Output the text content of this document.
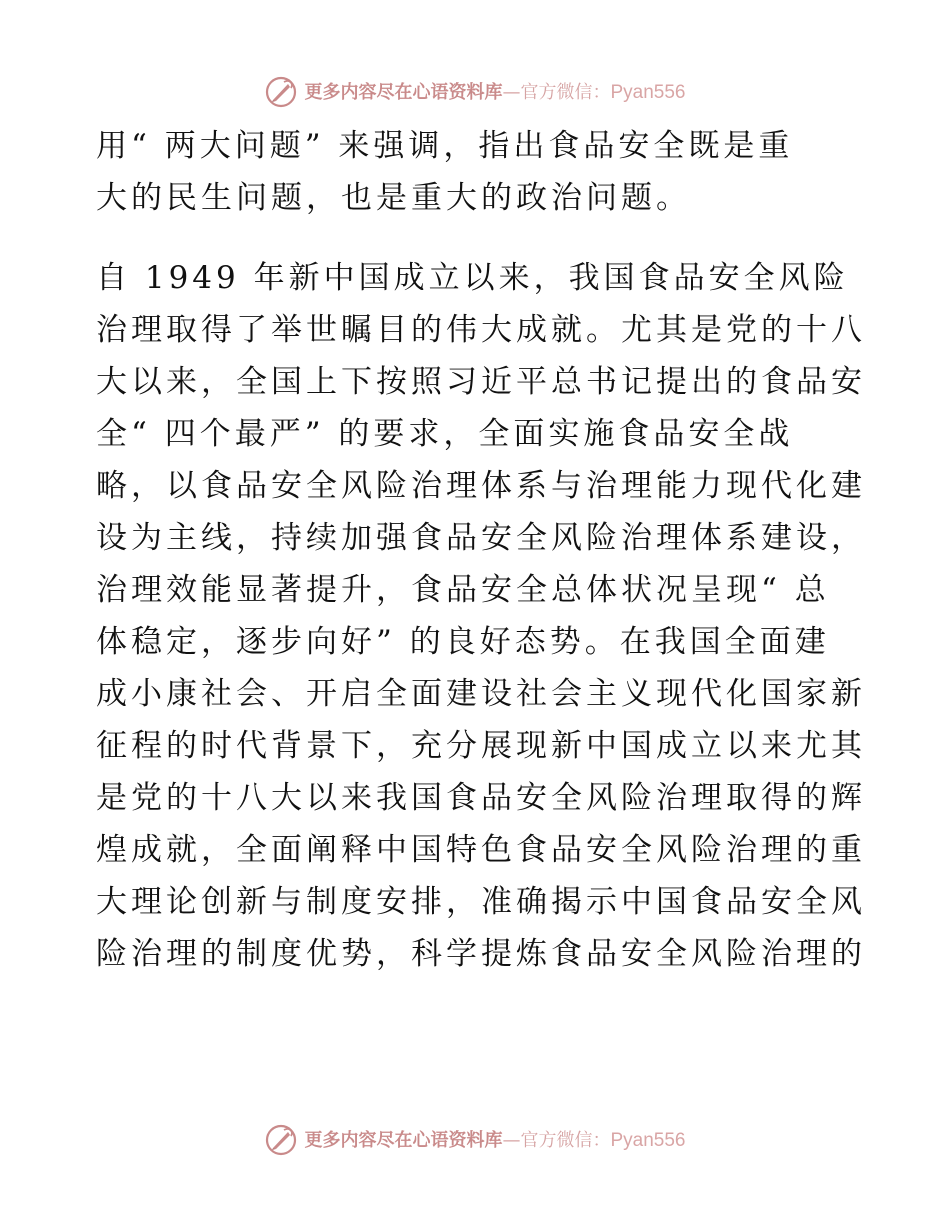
更多内容尽在心语资料库 — 官方微信： Pyan556
用“ 两大问题” 来强调，指出食品安全既是重
大的民生问题，也是重大的政治问题。
自 1949 年新中国成立以来，我国食品安全风险
治理取得了举世瞩目的伟大成就。尤其是党的十八
大以来，全国上下按照习近平总书记提出的食品安
全“ 四个最严” 的要求，全面实施食品安全战
略，以食品安全风险治理体系与治理能力现代化建
设为主线，持续加强食品安全风险治理体系建设，
治理效能显著提升，食品安全总体状况呈现“ 总
体稳定，逐步向好” 的良好态势。在我国全面建
成小康社会、开启全面建设社会主义现代化国家新
征程的时代背景下，充分展现新中国成立以来尤其
是党的十八大以来我国食品安全风险治理取得的辉
煌成就，全面阐释中国特色食品安全风险治理的重
大理论创新与制度安排，准确揭示中国食品安全风
险治理的制度优势，科学提炼食品安全风险治理的
更多内容尽在心语资料库 — 官方微信： Pyan556
